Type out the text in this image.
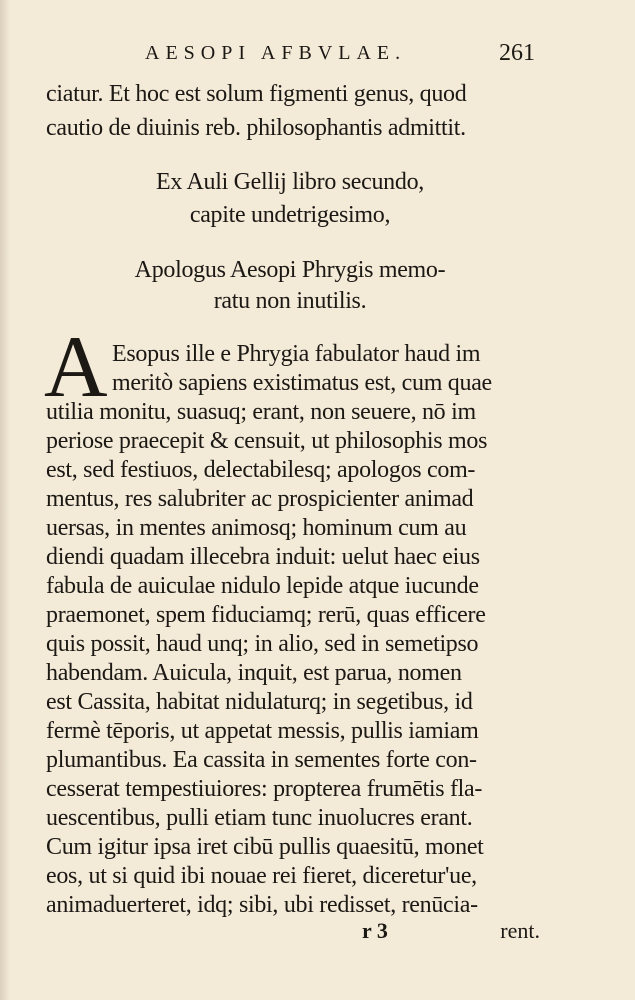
AESOPI AFBVLAE.	261
ciatur. Et hoc est solum figmenti genus, quod
cautio de diuinis reb. philosophantis admittit.
Ex Auli Gellij libro secundo,
capite undetrigesimo,
Apologus Aesopi Phrygis memo-
ratu non inutilis.
A Esopus ille e Phrygia fabulator haud im
meritò sapiens existimatus est, cum quae
utilia monitu, suasuq; erant, non seuere, nō im
periose praecepit & censuit, ut philosophis mos
est, sed festiuos, delectabilesq; apologos com-
mentus, res salubriter ac prospicienter animad
uersas, in mentes animosq; hominum cum au
diendi quadam illecebra induit: uelut haec eius
fabula de auiculae nidulo lepide atque iucunde
praemonet, spem fiduciamq; rerū, quas efficere
quis possit, haud unq; in alio, sed in semetipso
habendam. Auicula, inquit, est parua, nomen
est Cassita, habitat nidulaturq; in segetibus, id
fermè tēporis, ut appetat messis, pullis iamiam
plumantibus. Ea cassita in sementes forte con-
cesserat tempestiuiores: propterea frumētis fla-
uescentibus, pulli etiam tunc inuolucres erant.
Cum igitur ipsa iret cibū pullis quaesitū, monet
eos, ut si quid ibi nouae rei fieret, diceretur'ue,
animaduerteret, idq; sibi, ubi redisset, renūcia-
r 3	rent.
